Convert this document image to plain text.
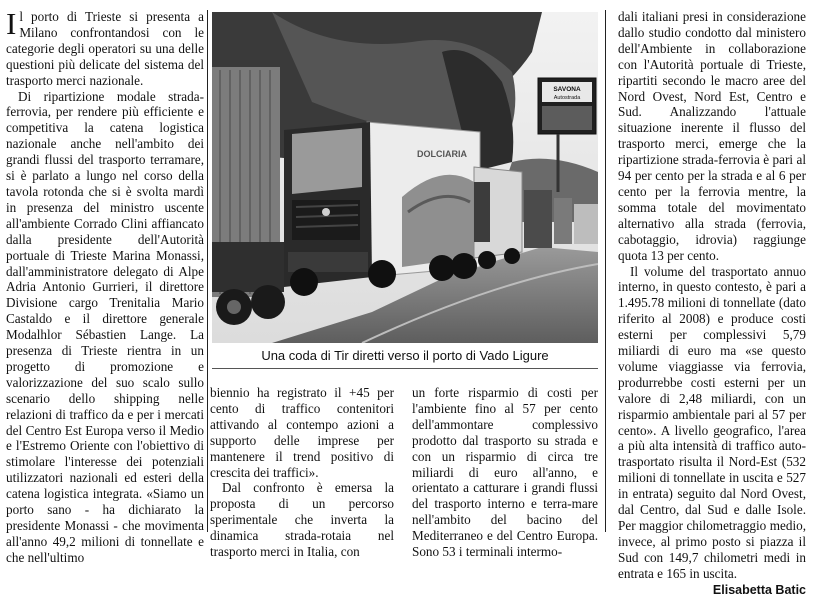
Il porto di Trieste si presenta a Milano confrontandosi con le categorie degli operatori su una delle questioni più delicate del sistema del trasporto merci nazionale.

Di ripartizione modale strada-ferrovia, per rendere più efficiente e competitiva la catena logistica nazionale anche nell'ambito dei grandi flussi del trasporto terramare, si è parlato a lungo nel corso della tavola rotonda che si è svolta mardì in presenza del ministro uscente all'ambiente Corrado Clini affiancato dalla presidente dell'Autorità portuale di Trieste Marina Monassi, dall'amministratore delegato di Alpe Adria Antonio Gurrieri, il direttore Divisione cargo Trenitalia Mario Castaldo e il direttore generale Modalhlor Sébastien Lange. La presenza di Trieste rientra in un progetto di promozione e valorizzazione del suo scalo sullo scenario dello shipping nelle relazioni di traffico da e per i mercati del Centro Est Europa verso il Medio e l'Estremo Oriente con l'obiettivo di stimolare l'interesse dei potenziali utilizzatori nazionali ed esteri della catena logistica integrata. «Siamo un porto sano - ha dichiarato la presidente Monassi - che movimenta all'anno 49,2 milioni di tonnellate e che nell'ultimo

DOLCIARIA
SAVONA
Autostrada
Una coda di Tir diretti verso il porto di Vado Ligure

biennio ha registrato il +45 per cento di traffico contenitori attivando al contempo azioni a supporto delle imprese per mantenere il trend positivo di crescita dei traffici».

Dal confronto è emersa la proposta di un percorso sperimentale che inverta la dinamica strada-rotaia nel trasporto merci in Italia, con

un forte risparmio di costi per l'ambiente fino al 57 per cento dell'ammontare complessivo prodotto dal trasporto su strada e con un risparmio di circa tre miliardi di euro all'anno, e orientato a catturare i grandi flussi del trasporto interno e terra-mare nell'ambito del bacino del Mediterraneo e del Centro Europa. Sono 53 i terminali intermo-

dali italiani presi in considerazione dallo studio condotto dal ministero dell'Ambiente in collaborazione con l'Autorità portuale di Trieste, ripartiti secondo le macro aree del Nord Ovest, Nord Est, Centro e Sud. Analizzando l'attuale situazione inerente il flusso del trasporto merci, emerge che la ripartizione strada-ferrovia è pari al 94 per cento per la strada e al 6 per cento per la ferrovia mentre, la somma totale del movimentato alternativo alla strada (ferrovia, cabotaggio, idrovia) raggiunge quota 13 per cento.

Il volume del trasportato annuo interno, in questo contesto, è pari a 1.495.78 milioni di tonnellate (dato riferito al 2008) e produce costi esterni per complessivi 5,79 miliardi di euro ma «se questo volume viaggiasse via ferrovia, produrrebbe costi esterni per un valore di 2,48 miliardi, con un risparmio ambientale pari al 57 per cento». A livello geografico, l'area a più alta intensità di traffico auto-trasportato risulta il Nord-Est (532 milioni di tonnellate in uscita e 527 in entrata) seguito dal Nord Ovest, dal Centro, dal Sud e dalle Isole. Per maggior chilometraggio medio, invece, al primo posto si piazza il Sud con 149,7 chilometri medi in entrata e 165 in uscita.

Elisabetta Batic
